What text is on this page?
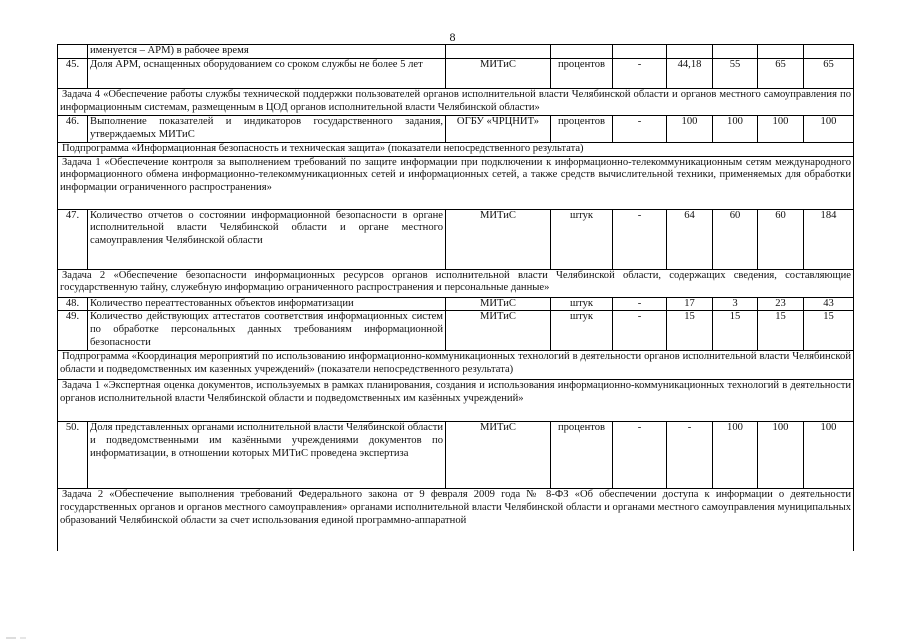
8
	именуется – АРМ) в рабочее время							
45.	Доля АРМ, оснащенных оборудованием со сроком службы не более 5 лет	МИТиС	процентов	-	44,18	55	65	65
Задача 4 «Обеспечение работы службы технической поддержки пользователей органов исполнительной власти Челябинской области и органов местного самоуправления по информационным системам, размещенным в ЦОД органов исполнительной власти Челябинской области»								
46.	Выполнение показателей и индикаторов государственного задания, утверждаемых МИТиС	ОГБУ «ЧРЦНИТ»	процентов	-	100	100	100	100
Подпрограмма «Информационная безопасность и техническая защита» (показатели непосредственного результата)								
Задача 1 «Обеспечение контроля за выполнением требований по защите информации при подключении к информационно-телекоммуникационным сетям международного информационного обмена информационно-телекоммуникационных сетей и информационных сетей, а также средств вычислительной техники, применяемых для обработки информации ограниченного распространения»								
47.	Количество отчетов о состоянии информационной безопасности в органе исполнительной власти Челябинской области и органе местного самоуправления Челябинской области	МИТиС	штук	-	64	60	60	184
Задача 2 «Обеспечение безопасности информационных ресурсов органов исполнительной власти Челябинской области, содержащих сведения, составляющие государственную тайну, служебную информацию ограниченного распространения и персональные данные»								
48.	Количество переаттестованных объектов информатизации	МИТиС	штук	-	17	3	23	43
49.	Количество действующих аттестатов соответствия информационных систем по обработке персональных данных требованиям информационной безопасности	МИТиС	штук	-	15	15	15	15
Подпрограмма «Координация мероприятий по использованию информационно-коммуникационных технологий в деятельности органов исполнительной власти Челябинской области и подведомственных им казенных учреждений» (показатели непосредственного результата)								
Задача 1 «Экспертная оценка документов, используемых в рамках планирования, создания и использования информационно-коммуникационных технологий в деятельности органов исполнительной власти Челябинской области и подведомственных им казённых учреждений»								
50.	Доля представленных органами исполнительной власти Челябинской области и подведомственными им казёнными учреждениями документов по информатизации, в отношении которых МИТиС проведена экспертиза	МИТиС	процентов	-	-	100	100	100
Задача 2 «Обеспечение выполнения требований Федерального закона от 9 февраля 2009 года № 8-ФЗ «Об обеспечении доступа к информации о деятельности государственных органов и органов местного самоуправления» органами исполнительной власти Челябинской области и органами местного самоуправления муниципальных образований Челябинской области за счет использования единой программно-аппаратной								
